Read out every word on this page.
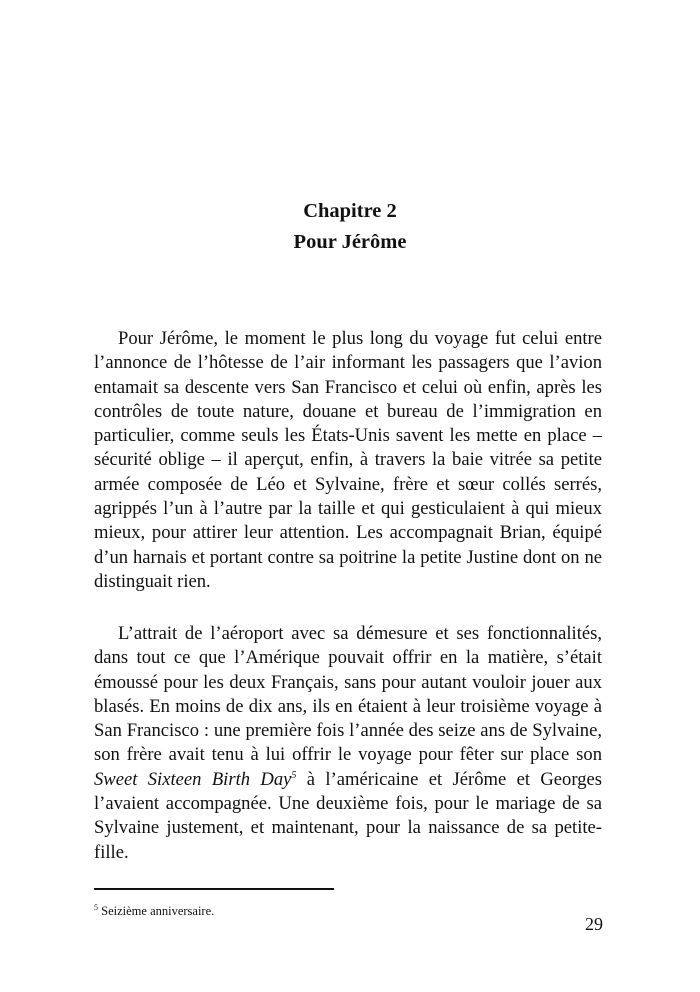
Chapitre 2
Pour Jérôme

Pour Jérôme, le moment le plus long du voyage fut celui entre l’annonce de l’hôtesse de l’air informant les passagers que l’avion entamait sa descente vers San Francisco et celui où enfin, après les contrôles de toute nature, douane et bureau de l’immigration en particulier, comme seuls les États-Unis savent les mette en place – sécurité oblige – il aperçut, enfin, à travers la baie vitrée sa petite armée composée de Léo et Sylvaine, frère et sœur collés serrés, agrippés l’un à l’autre par la taille et qui gesticulaient à qui mieux mieux, pour attirer leur attention. Les accompagnait Brian, équipé d’un harnais et portant contre sa poitrine la petite Justine dont on ne distinguait rien.

L’attrait de l’aéroport avec sa démesure et ses fonctionnalités, dans tout ce que l’Amérique pouvait offrir en la matière, s’était émoussé pour les deux Français, sans pour autant vouloir jouer aux blasés. En moins de dix ans, ils en étaient à leur troisième voyage à San Francisco : une première fois l’année des seize ans de Sylvaine, son frère avait tenu à lui offrir le voyage pour fêter sur place son Sweet Sixteen Birth Day$^5$ à l’américaine et Jérôme et Georges l’avaient accompagnée. Une deuxième fois, pour le mariage de sa Sylvaine justement, et maintenant, pour la naissance de sa petite-fille.

$^5$ Seizième anniversaire.
29
